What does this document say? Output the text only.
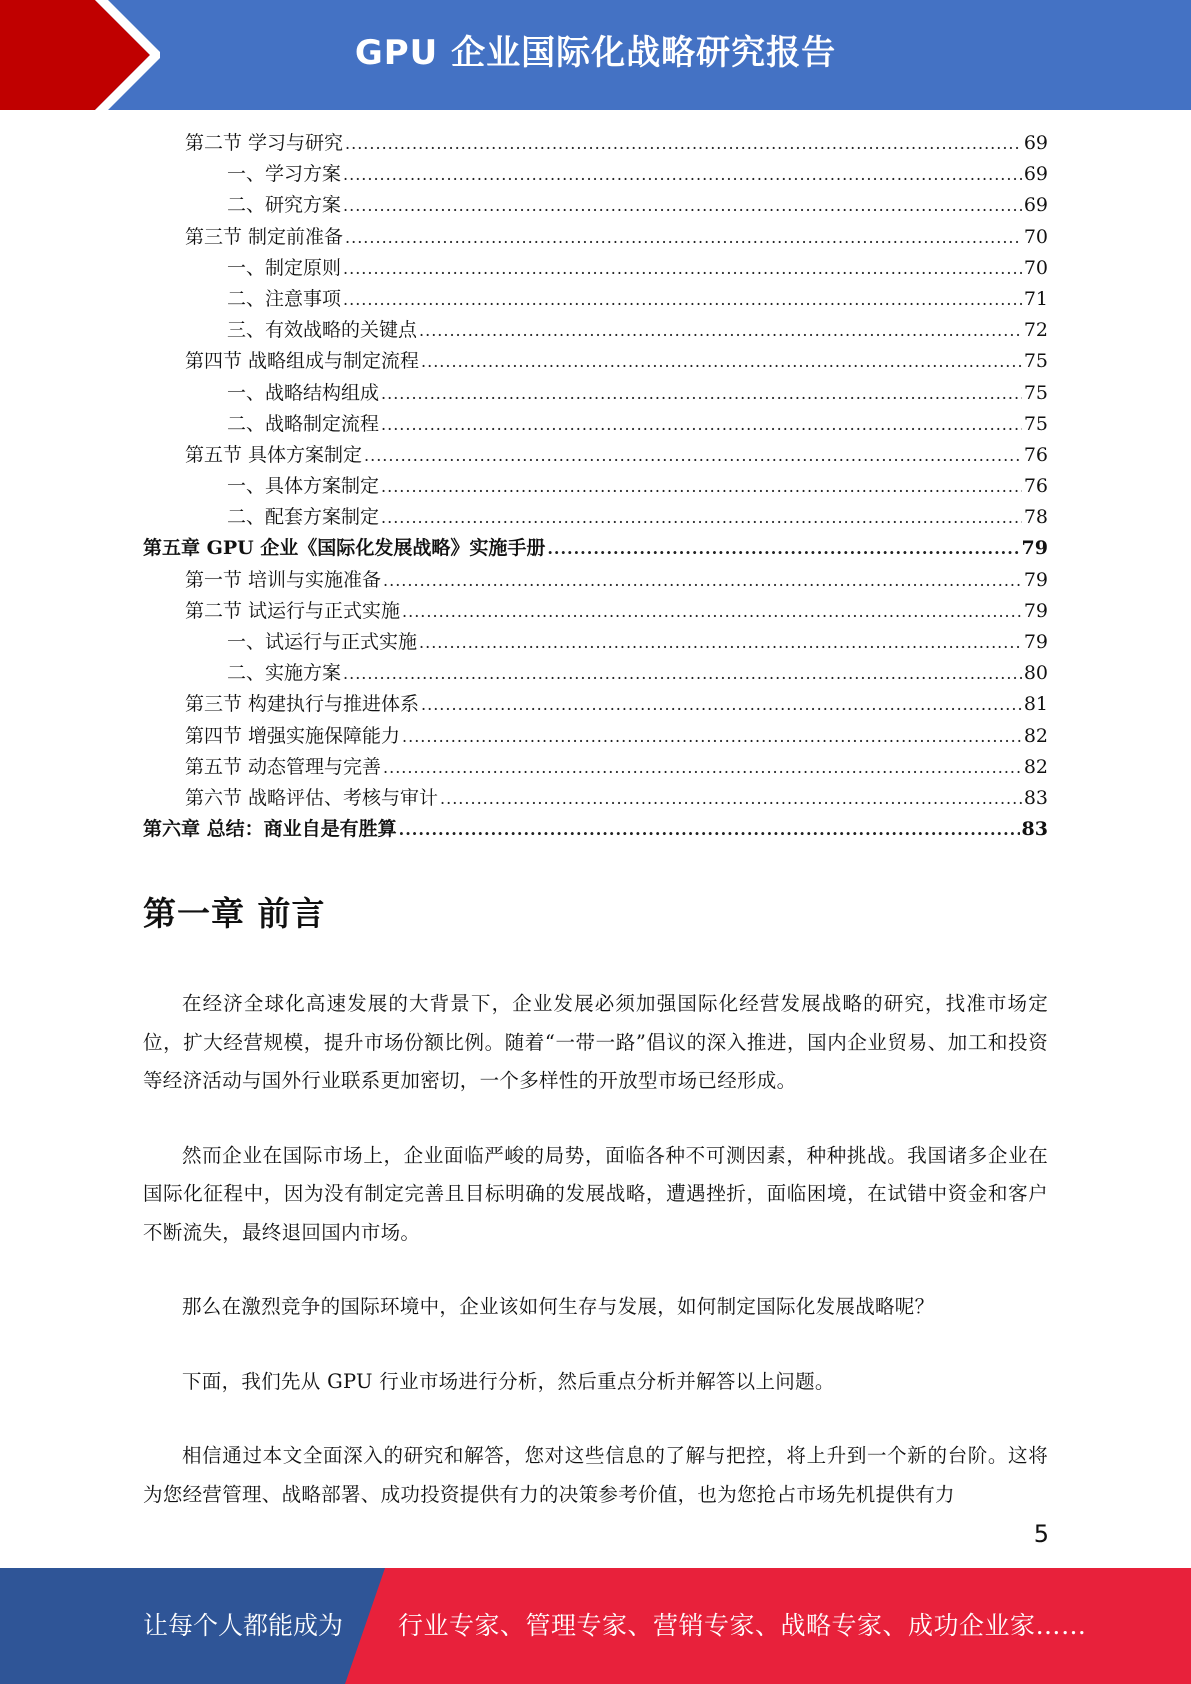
GPU 企业国际化战略研究报告
第二节 学习与研究 .....	69
一、学习方案 .....	69
二、研究方案 .....	69
第三节 制定前准备 .....	70
一、制定原则 .....	70
二、注意事项 .....	71
三、有效战略的关键点 .....	72
第四节 战略组成与制定流程 .....	75
一、战略结构组成 .....	75
二、战略制定流程 .....	75
第五节 具体方案制定 .....	76
一、具体方案制定 .....	76
二、配套方案制定 .....	78
第五章 GPU 企业《国际化发展战略》实施手册 .....	79
第一节 培训与实施准备 .....	79
第二节 试运行与正式实施 .....	79
一、试运行与正式实施 .....	79
二、实施方案 .....	80
第三节 构建执行与推进体系 .....	81
第四节 增强实施保障能力 .....	82
第五节 动态管理与完善 .....	82
第六节 战略评估、考核与审计 .....	83
第六章 总结：商业自是有胜算 .....	83
第一章 前言

在经济全球化高速发展的大背景下，企业发展必须加强国际化经营发展战略的研究，找准市场定位，扩大经营规模，提升市场份额比例。随着“一带一路”倡议的深入推进，国内企业贸易、加工和投资等经济活动与国外行业联系更加密切，一个多样性的开放型市场已经形成。

然而企业在国际市场上，企业面临严峻的局势，面临各种不可测因素，种种挑战。我国诸多企业在国际化征程中，因为没有制定完善且目标明确的发展战略，遭遇挫折，面临困境，在试错中资金和客户不断流失，最终退回国内市场。

那么在激烈竞争的国际环境中，企业该如何生存与发展，如何制定国际化发展战略呢？

下面，我们先从 GPU 行业市场进行分析，然后重点分析并解答以上问题。

相信通过本文全面深入的研究和解答，您对这些信息的了解与把控，将上升到一个新的台阶。这将为您经营管理、战略部署、成功投资提供有力的决策参考价值，也为您抢占市场先机提供有力

5
让每个人都能成为 行业专家、管理专家、营销专家、战略专家、成功企业家……
